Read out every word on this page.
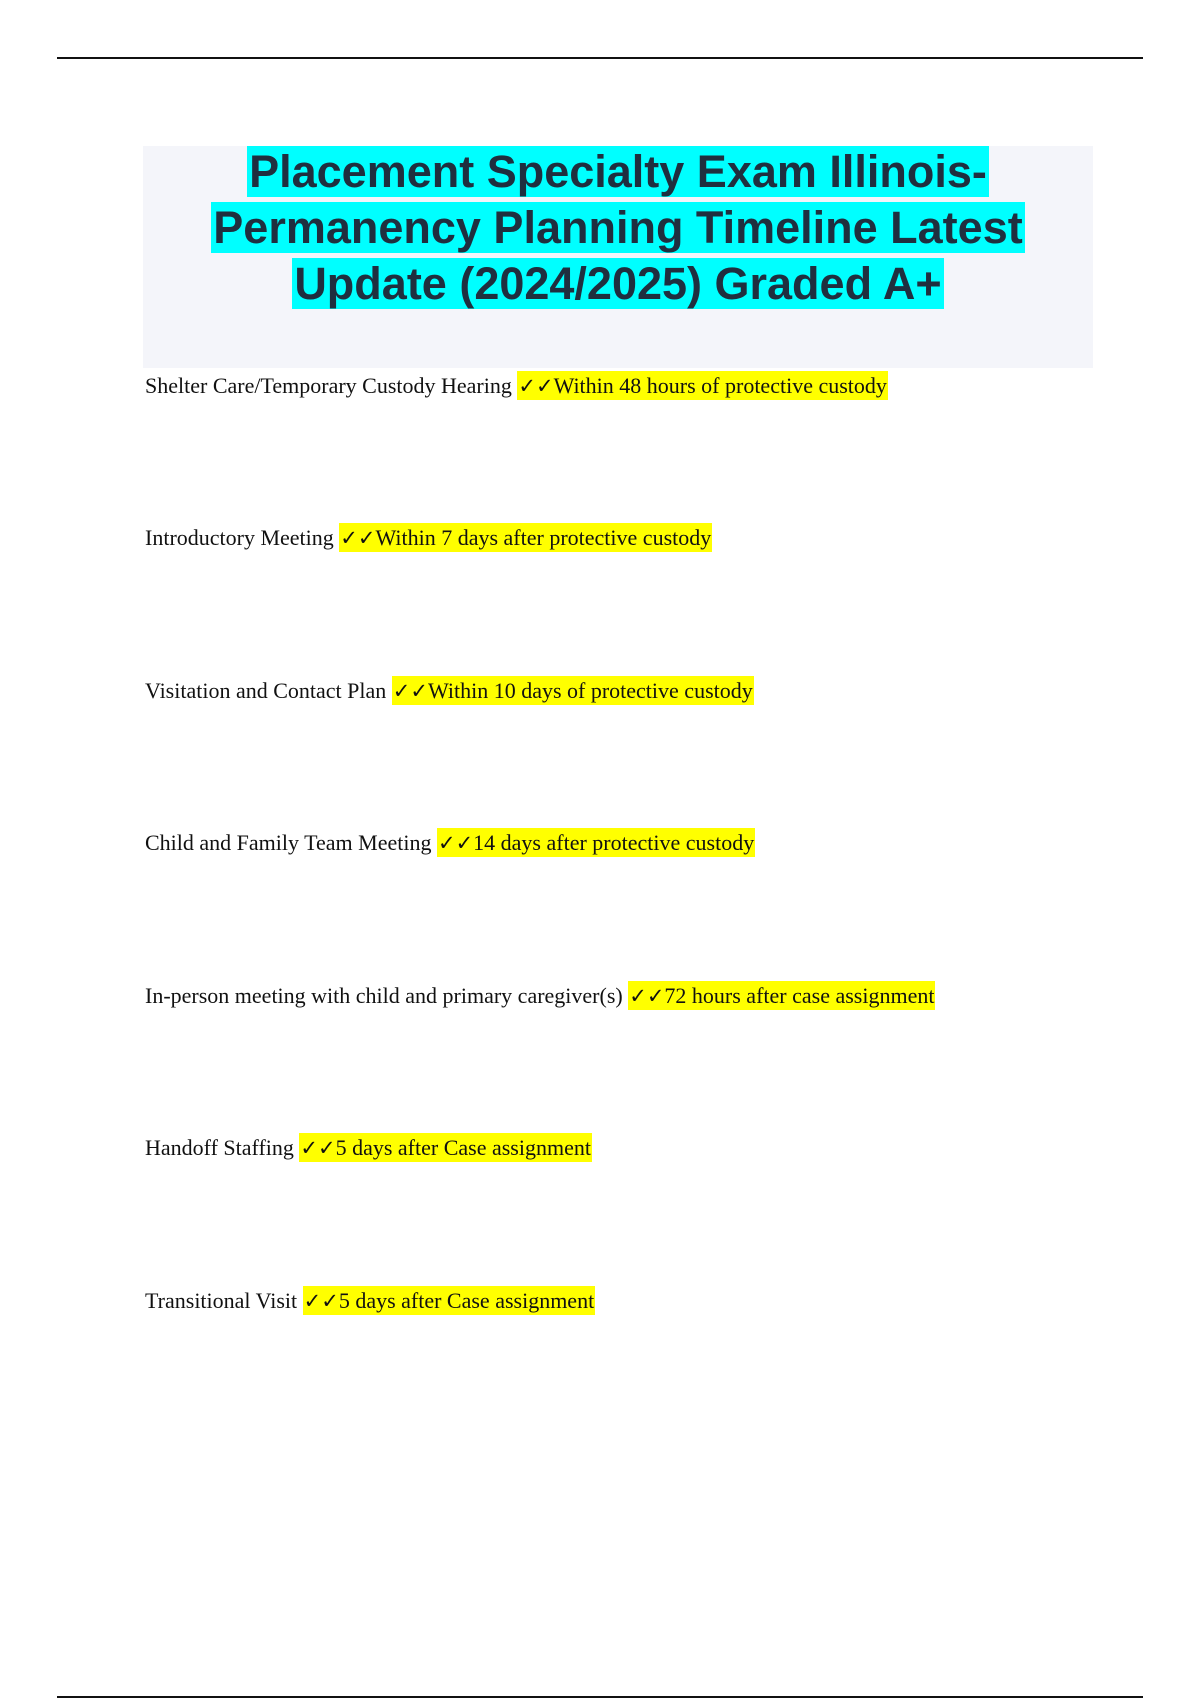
Placement Specialty Exam Illinois-
Permanency Planning Timeline Latest
Update (2024/2025) Graded A+

Shelter Care/Temporary Custody Hearing ✓✓Within 48 hours of protective custody

Introductory Meeting ✓✓Within 7 days after protective custody

Visitation and Contact Plan ✓✓Within 10 days of protective custody

Child and Family Team Meeting ✓✓14 days after protective custody

In-person meeting with child and primary caregiver(s) ✓✓72 hours after case assignment

Handoff Staffing ✓✓5 days after Case assignment

Transitional Visit ✓✓5 days after Case assignment
